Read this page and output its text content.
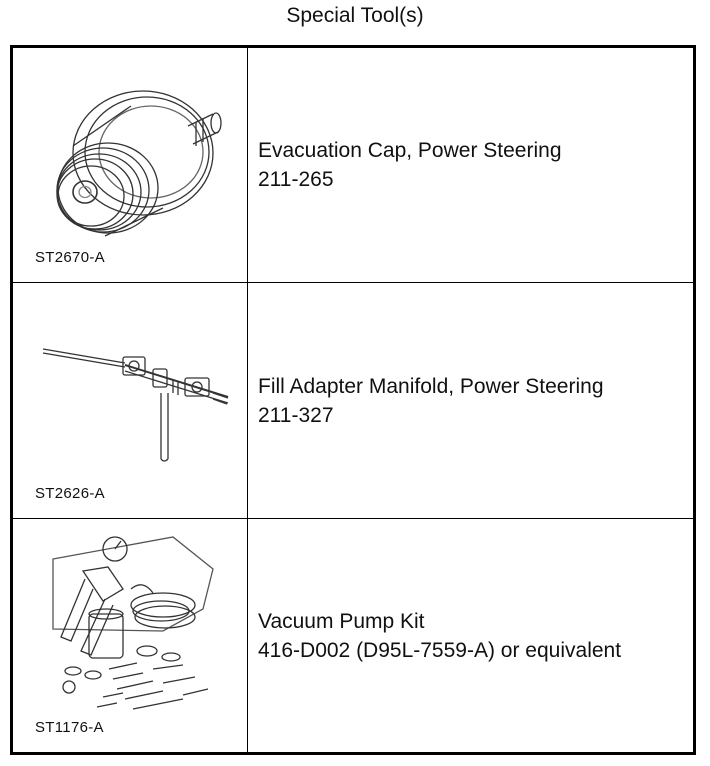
Special Tool(s)
ST2670-A
Evacuation Cap, Power Steering
211-265
ST2626-A
Fill Adapter Manifold, Power Steering
211-327
ST1176-A
Vacuum Pump Kit
416-D002 (D95L-7559-A) or equivalent
